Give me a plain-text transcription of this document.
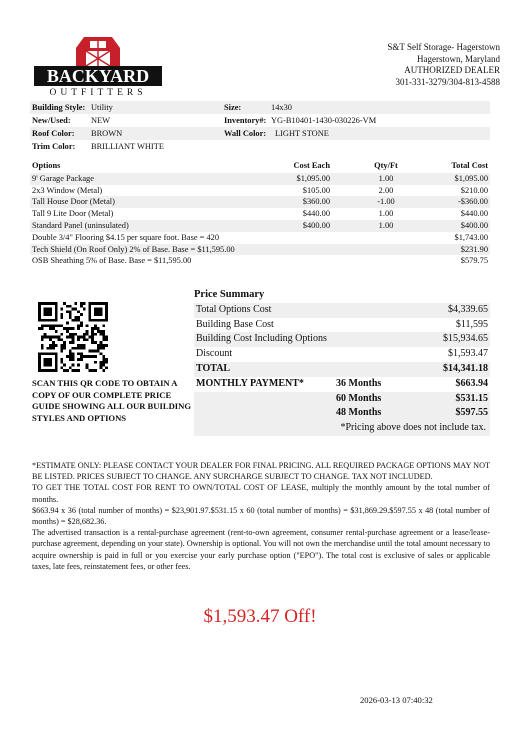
BACKYARD
OUTFITTERS
S&T Self Storage- Hagerstown
Hagerstown, Maryland
AUTHORIZED DEALER
301-331-3279/304-813-4588
Building Style: Utility	Size:	14x30
New/Used: NEW	Inventory#: YG-B10401-1430-030226-VM
Roof Color: BROWN	Wall Color: LIGHT STONE
Trim Color: BRILLIANT WHITE
Options	Cost Each	Qty/Ft	Total Cost
9' Garage Package	$1,095.00	1.00	$1,095.00
2x3 Window (Metal)	$105.00	2.00	$210.00
Tall House Door (Metal)	$360.00	-1.00	-$360.00
Tall 9 Lite Door (Metal)	$440.00	1.00	$440.00
Standard Panel (uninsulated)	$400.00	1.00	$400.00
Double 3/4" Flooring $4.15 per square foot. Base = 420	$1,743.00
Tech Shield (On Roof Only) 2% of Base. Base = $11,595.00	$231.90
OSB Sheathing 5% of Base. Base = $11,595.00	$579.75
SCAN THIS QR CODE TO OBTAIN A COPY OF OUR COMPLETE PRICE GUIDE SHOWING ALL OUR BUILDING STYLES AND OPTIONS
Price Summary
Total Options Cost	$4,339.65
Building Base Cost	$11,595
Building Cost Including Options	$15,934.65
Discount	$1,593.47
TOTAL	$14,341.18
MONTHLY PAYMENT*	36 Months	$663.94
60 Months	$531.15
48 Months	$597.55
*Pricing above does not include tax.

*ESTIMATE ONLY: PLEASE CONTACT YOUR DEALER FOR FINAL PRICING. ALL REQUIRED PACKAGE OPTIONS MAY NOT BE LISTED. PRICES SUBJECT TO CHANGE. ANY SURCHARGE SUBJECT TO CHANGE. TAX NOT INCLUDED.

TO GET THE TOTAL COST FOR RENT TO OWN/TOTAL COST OF LEASE, multiply the monthly amount by the total number of months.

$663.94 x 36 (total number of months) = $23,901.97.$531.15 x 60 (total number of months) = $31,869.29.$597.55 x 48 (total number of months) = $28,682.36.

The advertised transaction is a rental-purchase agreement (rent-to-own agreement, consumer rental-purchase agreement or a lease/lease-purchase agreement, depending on your state). Ownership is optional. You will not own the merchandise until the total amount necessary to acquire ownership is paid in full or you exercise your early purchase option ("EPO"). The total cost is exclusive of sales or applicable taxes, late fees, reinstatement fees, or other fees.

$1,593.47 Off!
2026-03-13 07:40:32
